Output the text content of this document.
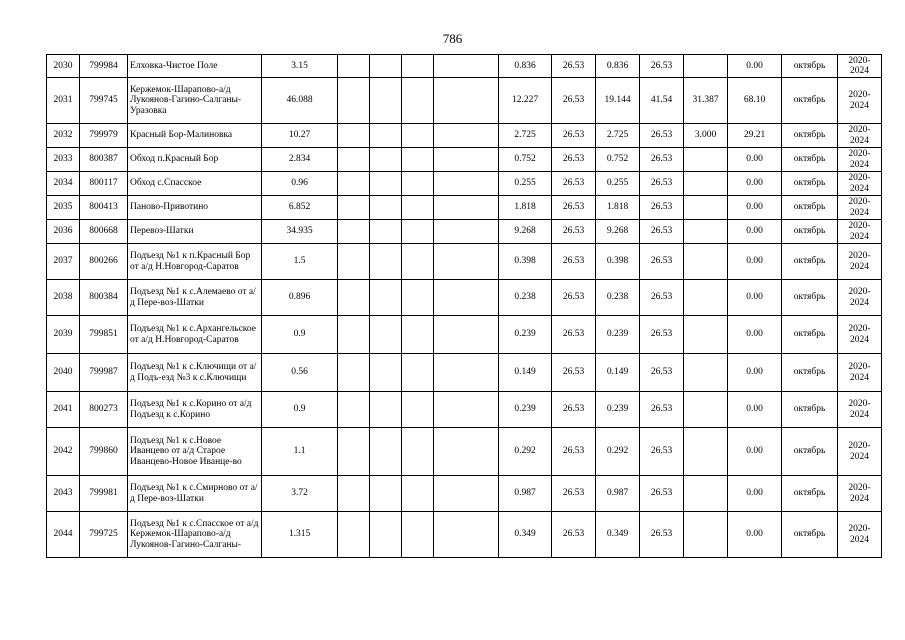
786
2030	799984	Елховка-Чистое Поле	3.15					0.836	26.53	0.836	26.53		0.00	октябрь	2020-2024
2031	799745	Кержемок-Шарапово-а/д Лукоянов-Гагино-Салганы-Уразовка	46.088					12.227	26.53	19.144	41.54	31.387	68.10	октябрь	2020-2024
2032	799979	Красный Бор-Малиновка	10.27					2.725	26.53	2.725	26.53	3.000	29.21	октябрь	2020-2024
2033	800387	Обход п.Красный Бор	2.834					0.752	26.53	0.752	26.53		0.00	октябрь	2020-2024
2034	800117	Обход с.Спасское	0.96					0.255	26.53	0.255	26.53		0.00	октябрь	2020-2024
2035	800413	Паново-Привотино	6.852					1.818	26.53	1.818	26.53		0.00	октябрь	2020-2024
2036	800668	Перевоз-Шатки	34.935					9.268	26.53	9.268	26.53		0.00	октябрь	2020-2024
2037	800266	Подъезд №1 к п.Красный Бор от а/д Н.Новгород-Саратов	1.5					0.398	26.53	0.398	26.53		0.00	октябрь	2020-2024
2038	800384	Подъезд №1 к с.Алемаево от а/д Пере-воз-Шатки	0.896					0.238	26.53	0.238	26.53		0.00	октябрь	2020-2024
2039	799851	Подъезд №1 к с.Архангельское от а/д Н.Новгород-Саратов	0.9					0.239	26.53	0.239	26.53		0.00	октябрь	2020-2024
2040	799987	Подъезд №1 к с.Ключищи от а/д Подъ-езд №3 к с.Ключищи	0.56					0.149	26.53	0.149	26.53		0.00	октябрь	2020-2024
2041	800273	Подъезд №1 к с.Корино от а/д Подъезд к с.Корино	0.9					0.239	26.53	0.239	26.53		0.00	октябрь	2020-2024
2042	799860	Подъезд №1 к с.Новое Иванцево от а/д Старое Иванцево-Новое Иванце-во	1.1					0.292	26.53	0.292	26.53		0.00	октябрь	2020-2024
2043	799981	Подъезд №1 к с.Смирново от а/д Пере-воз-Шатки	3.72					0.987	26.53	0.987	26.53		0.00	октябрь	2020-2024
2044	799725	Подъезд №1 к с.Спасское от а/д Кержемок-Шарапово-а/д Лукоянов-Гагино-Салганы-	1.315					0.349	26.53	0.349	26.53		0.00	октябрь	2020-2024
